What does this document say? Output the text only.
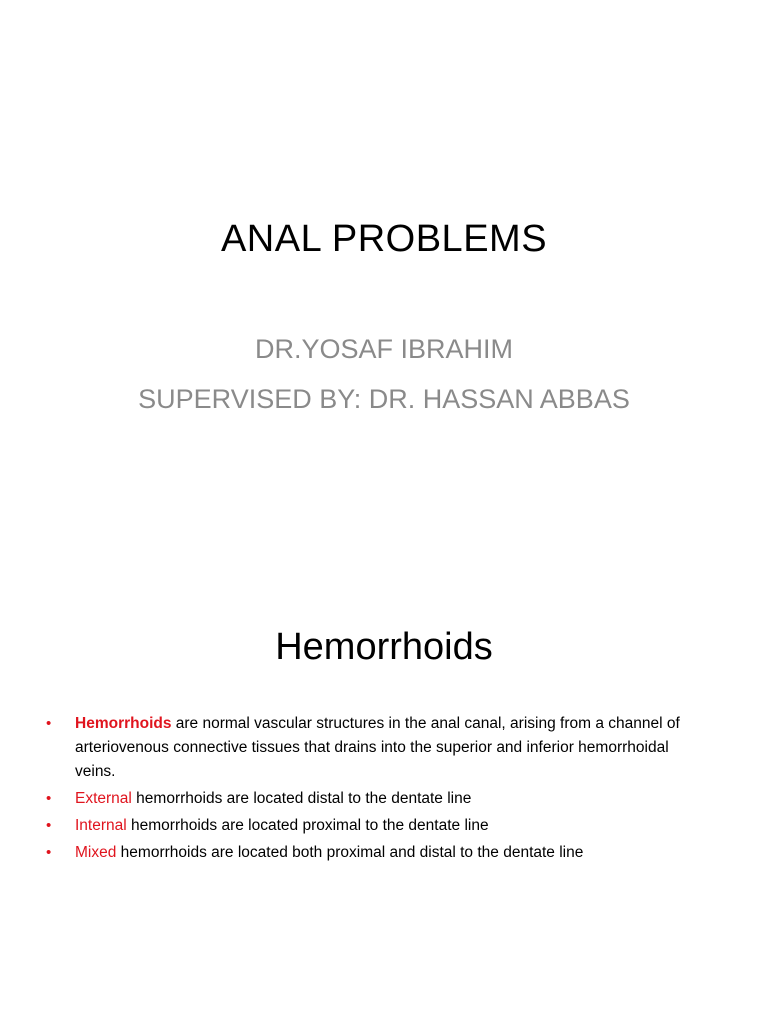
ANAL PROBLEMS
DR.YOSAF IBRAHIM
SUPERVISED BY: DR. HASSAN ABBAS
Hemorrhoids
• Hemorrhoids are normal vascular structures in the anal canal, arising from a channel of arteriovenous connective tissues that drains into the superior and inferior hemorrhoidal veins.
• External hemorrhoids are located distal to the dentate line
• Internal hemorrhoids are located proximal to the dentate line
• Mixed hemorrhoids are located both proximal and distal to the dentate line
